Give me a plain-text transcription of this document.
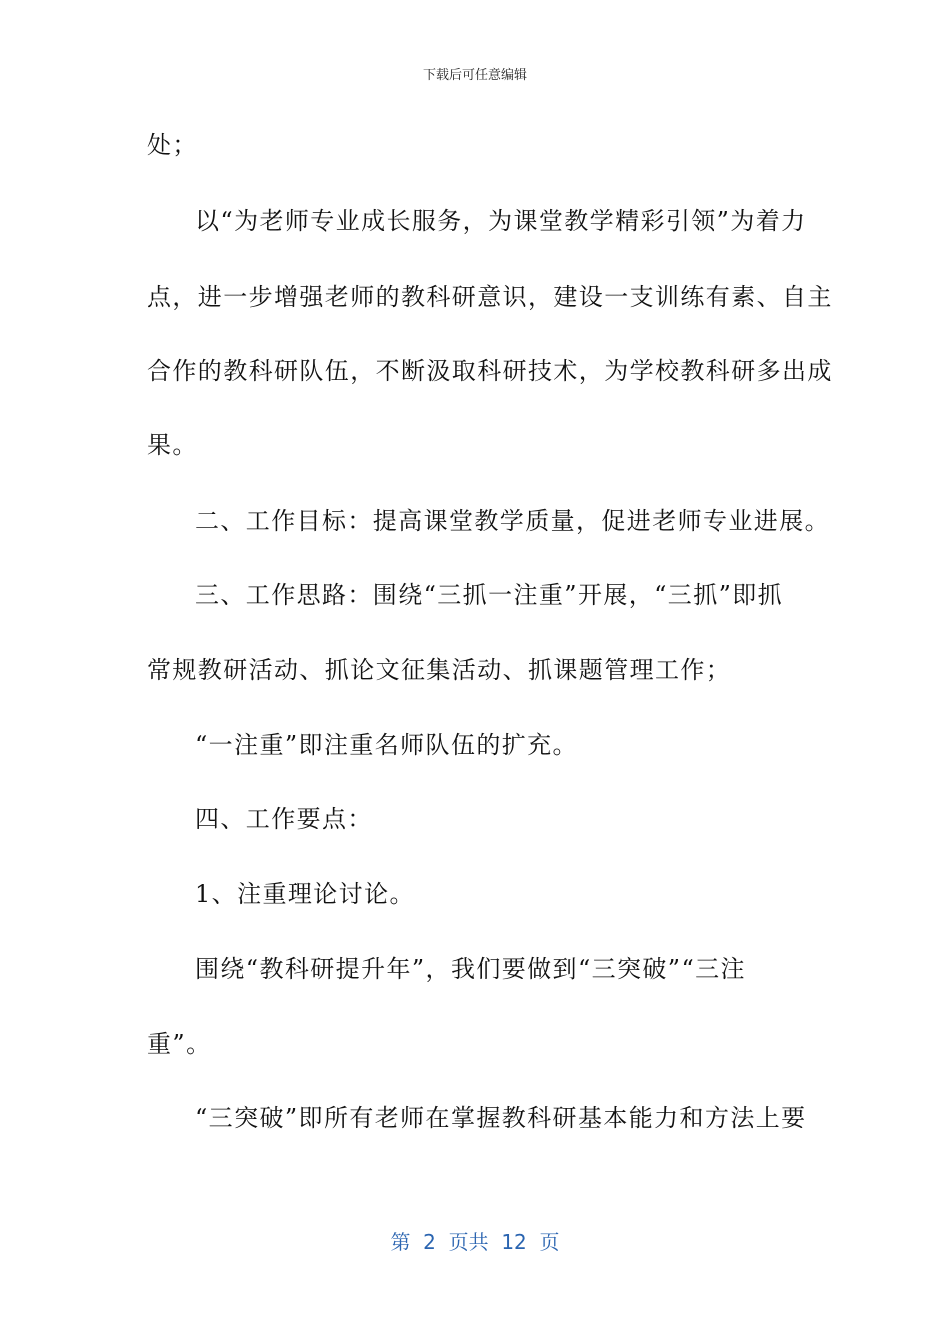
下载后可任意编辑
处；
以“为老师专业成长服务，为课堂教学精彩引领”为着力
点，进一步增强老师的教科研意识，建设一支训练有素、自主
合作的教科研队伍，不断汲取科研技术，为学校教科研多出成
果。
二、工作目标：提高课堂教学质量，促进老师专业进展。
三、工作思路：围绕“三抓一注重”开展，“三抓”即抓
常规教研活动、抓论文征集活动、抓课题管理工作；
“一注重”即注重名师队伍的扩充。
四、工作要点：
1、注重理论讨论。
围绕“教科研提升年”，我们要做到“三突破”“三注
重”。
“三突破”即所有老师在掌握教科研基本能力和方法上要
第  2  页共  12  页
